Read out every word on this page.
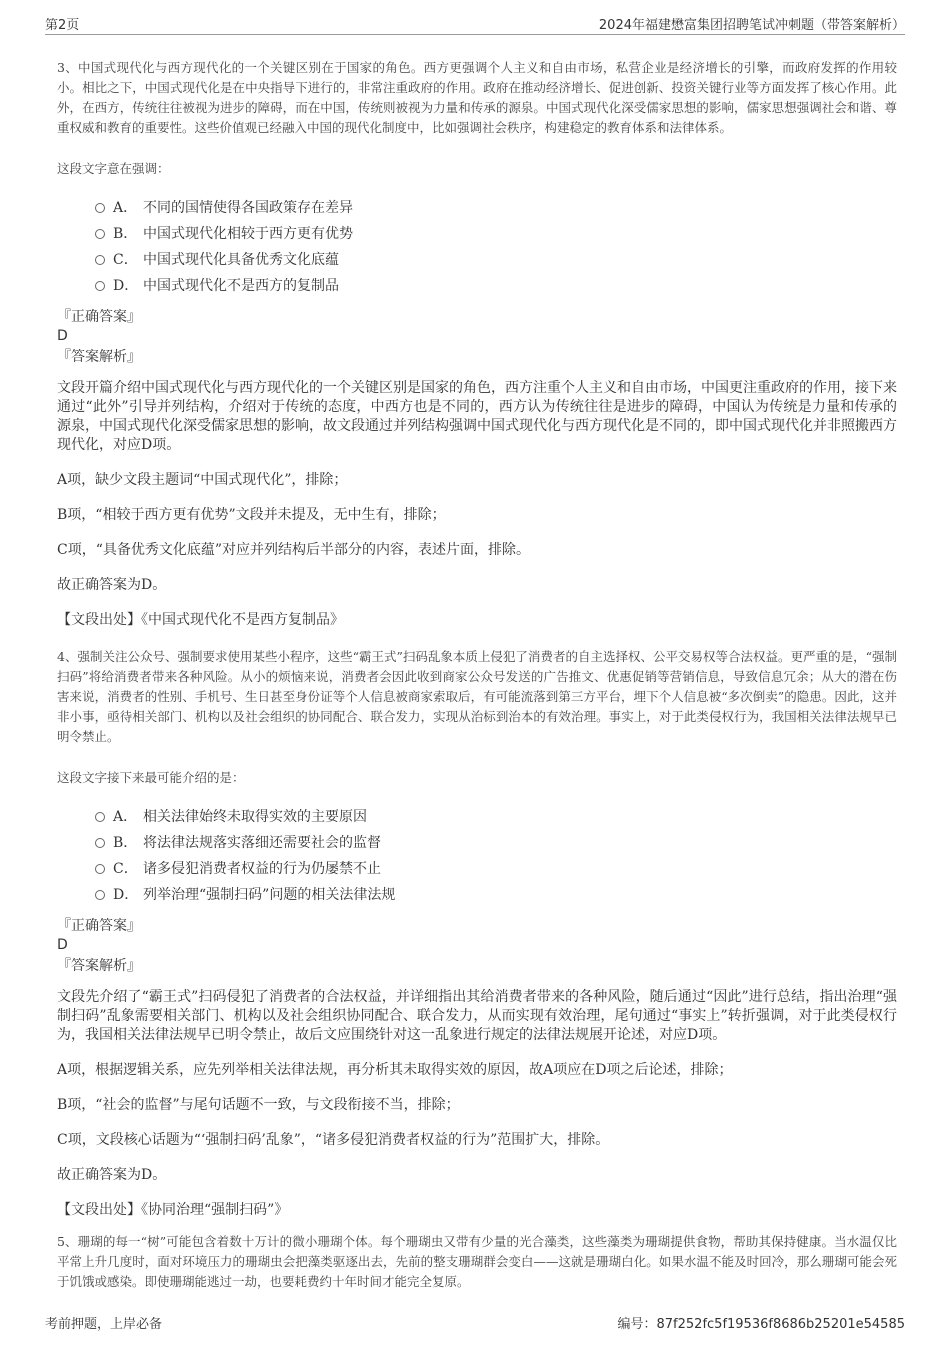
第2页	2024年福建懋富集团招聘笔试冲刺题（带答案解析）

3、中国式现代化与西方现代化的一个关键区别在于国家的角色。西方更强调个人主义和自由市场，私营企业是经济增长的引擎，而政府发挥的作用较小。相比之下，中国式现代化是在中央指导下进行的，非常注重政府的作用。政府在推动经济增长、促进创新、投资关键行业等方面发挥了核心作用。此外，在西方，传统往往被视为进步的障碍，而在中国，传统则被视为力量和传承的源泉。中国式现代化深受儒家思想的影响，儒家思想强调社会和谐、尊重权威和教育的重要性。这些价值观已经融入中国的现代化制度中，比如强调社会秩序，构建稳定的教育体系和法律体系。

这段文字意在强调：

A． 不同的国情使得各国政策存在差异
B． 中国式现代化相较于西方更有优势
C． 中国式现代化具备优秀文化底蕴
D． 中国式现代化不是西方的复制品

『正确答案』

D

『答案解析』

文段开篇介绍中国式现代化与西方现代化的一个关键区别是国家的角色，西方注重个人主义和自由市场，中国更注重政府的作用，接下来通过“此外”引导并列结构，介绍对于传统的态度，中西方也是不同的，西方认为传统往往是进步的障碍，中国认为传统是力量和传承的源泉，中国式现代化深受儒家思想的影响，故文段通过并列结构强调中国式现代化与西方现代化是不同的，即中国式现代化并非照搬西方现代化，对应D项。

A项，缺少文段主题词“中国式现代化”，排除；

B项，“相较于西方更有优势”文段并未提及，无中生有，排除；

C项，“具备优秀文化底蕴”对应并列结构后半部分的内容，表述片面，排除。

故正确答案为D。

【文段出处】《中国式现代化不是西方复制品》

4、强制关注公众号、强制要求使用某些小程序，这些“霸王式”扫码乱象本质上侵犯了消费者的自主选择权、公平交易权等合法权益。更严重的是，“强制扫码”将给消费者带来各种风险。从小的烦恼来说，消费者会因此收到商家公众号发送的广告推文、优惠促销等营销信息，导致信息冗余；从大的潜在伤害来说，消费者的性别、手机号、生日甚至身份证等个人信息被商家索取后，有可能流落到第三方平台，埋下个人信息被“多次倒卖”的隐患。因此，这并非小事，亟待相关部门、机构以及社会组织的协同配合、联合发力，实现从治标到治本的有效治理。事实上，对于此类侵权行为，我国相关法律法规早已明令禁止。

这段文字接下来最可能介绍的是：

A． 相关法律始终未取得实效的主要原因
B． 将法律法规落实落细还需要社会的监督
C． 诸多侵犯消费者权益的行为仍屡禁不止
D． 列举治理“强制扫码”问题的相关法律法规

『正确答案』

D

『答案解析』

文段先介绍了“霸王式”扫码侵犯了消费者的合法权益，并详细指出其给消费者带来的各种风险，随后通过“因此”进行总结，指出治理“强制扫码”乱象需要相关部门、机构以及社会组织协同配合、联合发力，从而实现有效治理，尾句通过“事实上”转折强调，对于此类侵权行为，我国相关法律法规早已明令禁止，故后文应围绕针对这一乱象进行规定的法律法规展开论述，对应D项。

A项，根据逻辑关系，应先列举相关法律法规，再分析其未取得实效的原因，故A项应在D项之后论述，排除；

B项，“社会的监督”与尾句话题不一致，与文段衔接不当，排除；

C项，文段核心话题为“‘强制扫码’乱象”，“诸多侵犯消费者权益的行为”范围扩大，排除。

故正确答案为D。

【文段出处】《协同治理“强制扫码”》

5、珊瑚的每一“树”可能包含着数十万计的微小珊瑚个体。每个珊瑚虫又带有少量的光合藻类，这些藻类为珊瑚提供食物，帮助其保持健康。当水温仅比平常上升几度时，面对环境压力的珊瑚虫会把藻类驱逐出去，先前的整支珊瑚群会变白——这就是珊瑚白化。如果水温不能及时回冷，那么珊瑚可能会死于饥饿或感染。即使珊瑚能逃过一劫，也要耗费约十年时间才能完全复原。

考前押题，上岸必备	编号：87f252fc5f19536f8686b25201e54585
